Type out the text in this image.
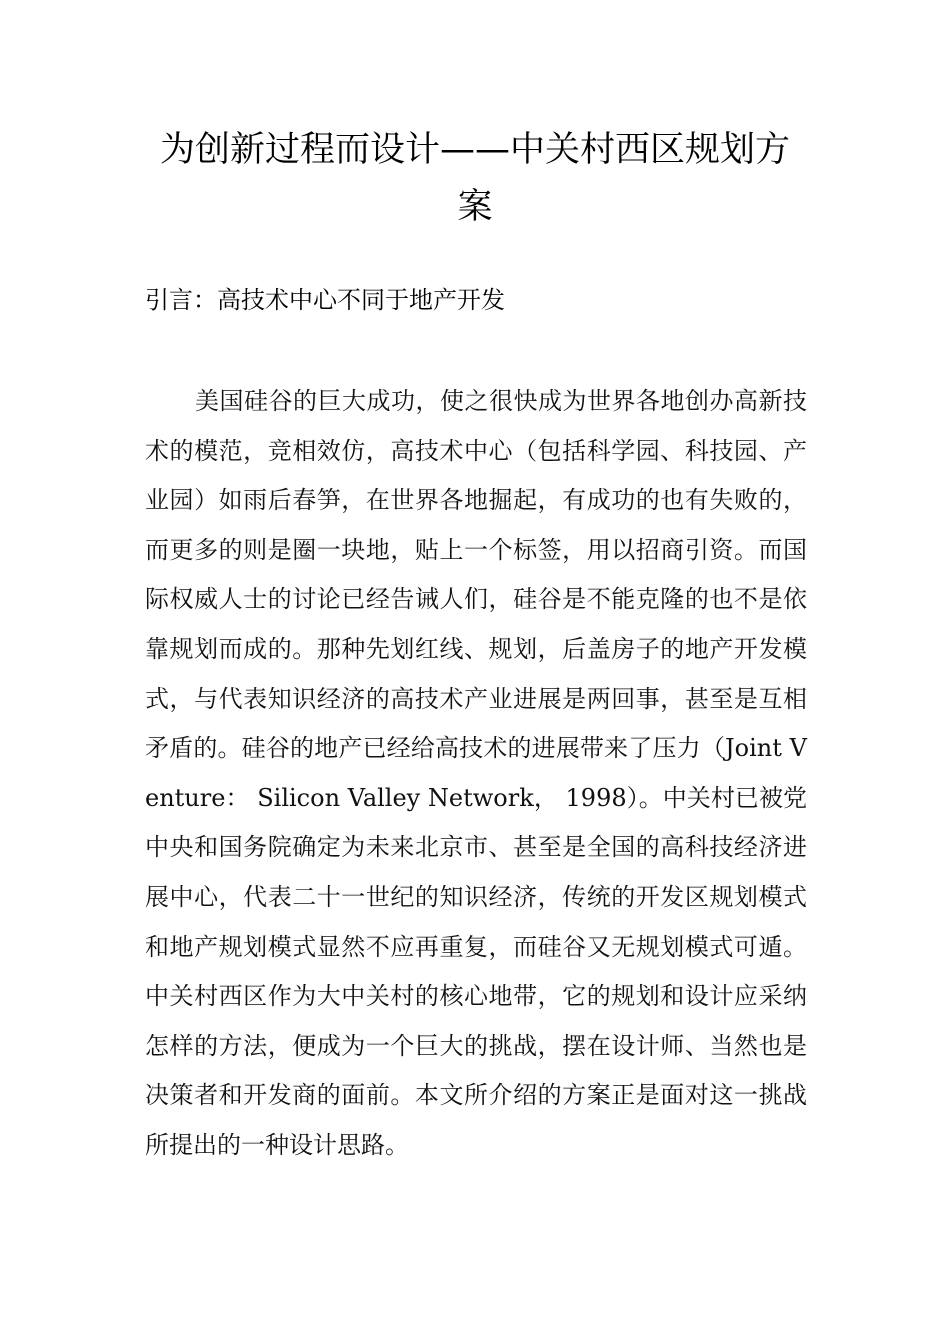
为创新过程而设计——中关村西区规划方案

引言：高技术中心不同于地产开发

美国硅谷的巨大成功，使之很快成为世界各地创办高新技术的模范，竞相效仿，高技术中心（包括科学园、科技园、产业园）如雨后春笋，在世界各地掘起，有成功的也有失败的，而更多的则是圈一块地，贴上一个标签，用以招商引资。而国际权威人士的讨论已经告诫人们，硅谷是不能克隆的也不是依靠规划而成的。那种先划红线、规划，后盖房子的地产开发模式，与代表知识经济的高技术产业进展是两回事，甚至是互相矛盾的。硅谷的地产已经给高技术的进展带来了压力（Joint Venture： Silicon Valley Network， 1998）。中关村已被党中央和国务院确定为未来北京市、甚至是全国的高科技经济进展中心，代表二十一世纪的知识经济，传统的开发区规划模式和地产规划模式显然不应再重复，而硅谷又无规划模式可遁。中关村西区作为大中关村的核心地带，它的规划和设计应采纳怎样的方法，便成为一个巨大的挑战，摆在设计师、当然也是决策者和开发商的面前。本文所介绍的方案正是面对这一挑战所提出的一种设计思路。
